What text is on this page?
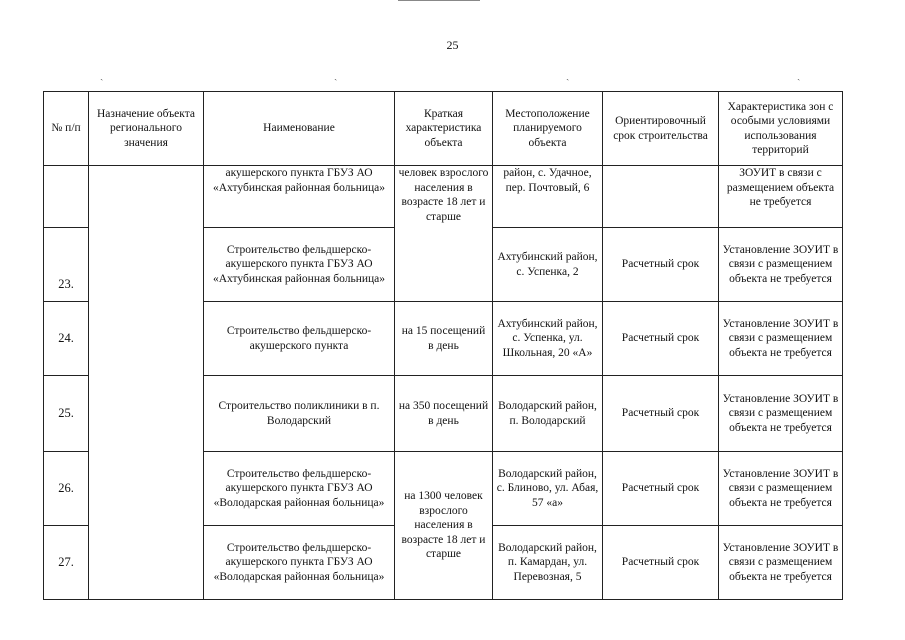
25
ˏ	ˏ	ˏ	ˏ
№ п/п	Назначение объекта регионального значения	Наименование	Краткая характеристика объекта	Местоположение планируемого объекта	Ориентировочный срок строительства	Характеристика зон с особыми условиями использования территорий
		акушерского пункта ГБУЗ АО «Ахтубинская районная больница»	человек взрослого населения в возрасте 18 лет и старше	район, с. Удачное, пер. Почтовый, 6		ЗОУИТ в связи с размещением объекта не требуется
23.		Строительство фельдшерско-акушерского пункта ГБУЗ АО «Ахтубинская районная больница»		Ахтубинский район, с. Успенка, 2	Расчетный срок	Установление ЗОУИТ в связи с размещением объекта не требуется
24.		Строительство фельдшерско-акушерского пункта	на 15 посещений в день	Ахтубинский район, с. Успенка, ул. Школьная, 20 «А»	Расчетный срок	Установление ЗОУИТ в связи с размещением объекта не требуется
25.		Строительство поликлиники в п. Володарский	на 350 посещений в день	Володарский район, п. Володарский	Расчетный срок	Установление ЗОУИТ в связи с размещением объекта не требуется
26.		Строительство фельдшерско-акушерского пункта ГБУЗ АО «Володарская районная больница»	на 1300 человек взрослого населения в возрасте 18 лет и старше	Володарский район, с. Блиново, ул. Абая, 57 «а»	Расчетный срок	Установление ЗОУИТ в связи с размещением объекта не требуется
27.		Строительство фельдшерско-акушерского пункта ГБУЗ АО «Володарская районная больница»		Володарский район, п. Камардан, ул. Перевозная, 5	Расчетный срок	Установление ЗОУИТ в связи с размещением объекта не требуется
